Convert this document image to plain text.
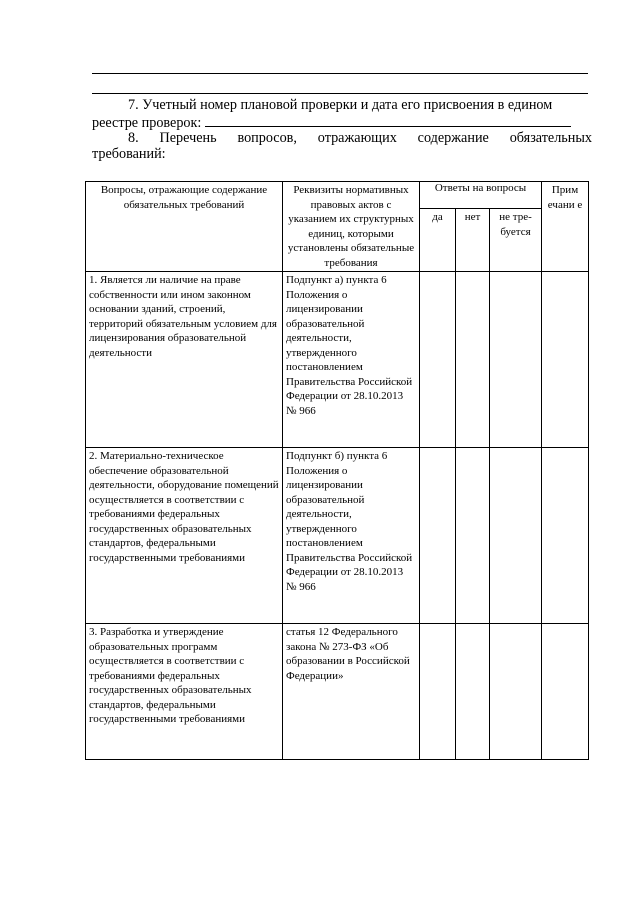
7. Учетный номер плановой проверки и дата его присвоения в едином реестре проверок:
8. Перечень вопросов, отражающих содержание обязательных
требований:
Вопросы, отражающие содержание обязательных требований	Реквизиты нормативных правовых актов с указанием их структурных единиц, которыми установлены обязательные требования	Ответы на вопросы			Прим ечани е
		да	нет	не тре-буется	
1. Является ли наличие на праве собственности или ином законном основании зданий, строений, территорий обязательным условием для лицензирования образовательной деятельности	Подпункт а) пункта 6 Положения о лицензировании образовательной деятельности, утвержденного постановлением Правительства Российской Федерации от 28.10.2013 № 966				
2. Материально-техническое обеспечение образовательной деятельности, оборудование помещений осуществляется в соответствии с требованиями федеральных государственных образовательных стандартов, федеральными государственными требованиями	Подпункт б) пункта 6 Положения о лицензировании образовательной деятельности, утвержденного постановлением Правительства Российской Федерации от 28.10.2013 № 966				
3. Разработка и утверждение образовательных программ осуществляется в соответствии с требованиями федеральных государственных образовательных стандартов, федеральными государственными требованиями	статья 12 Федерального закона № 273-ФЗ «Об образовании в Российской Федерации»				
